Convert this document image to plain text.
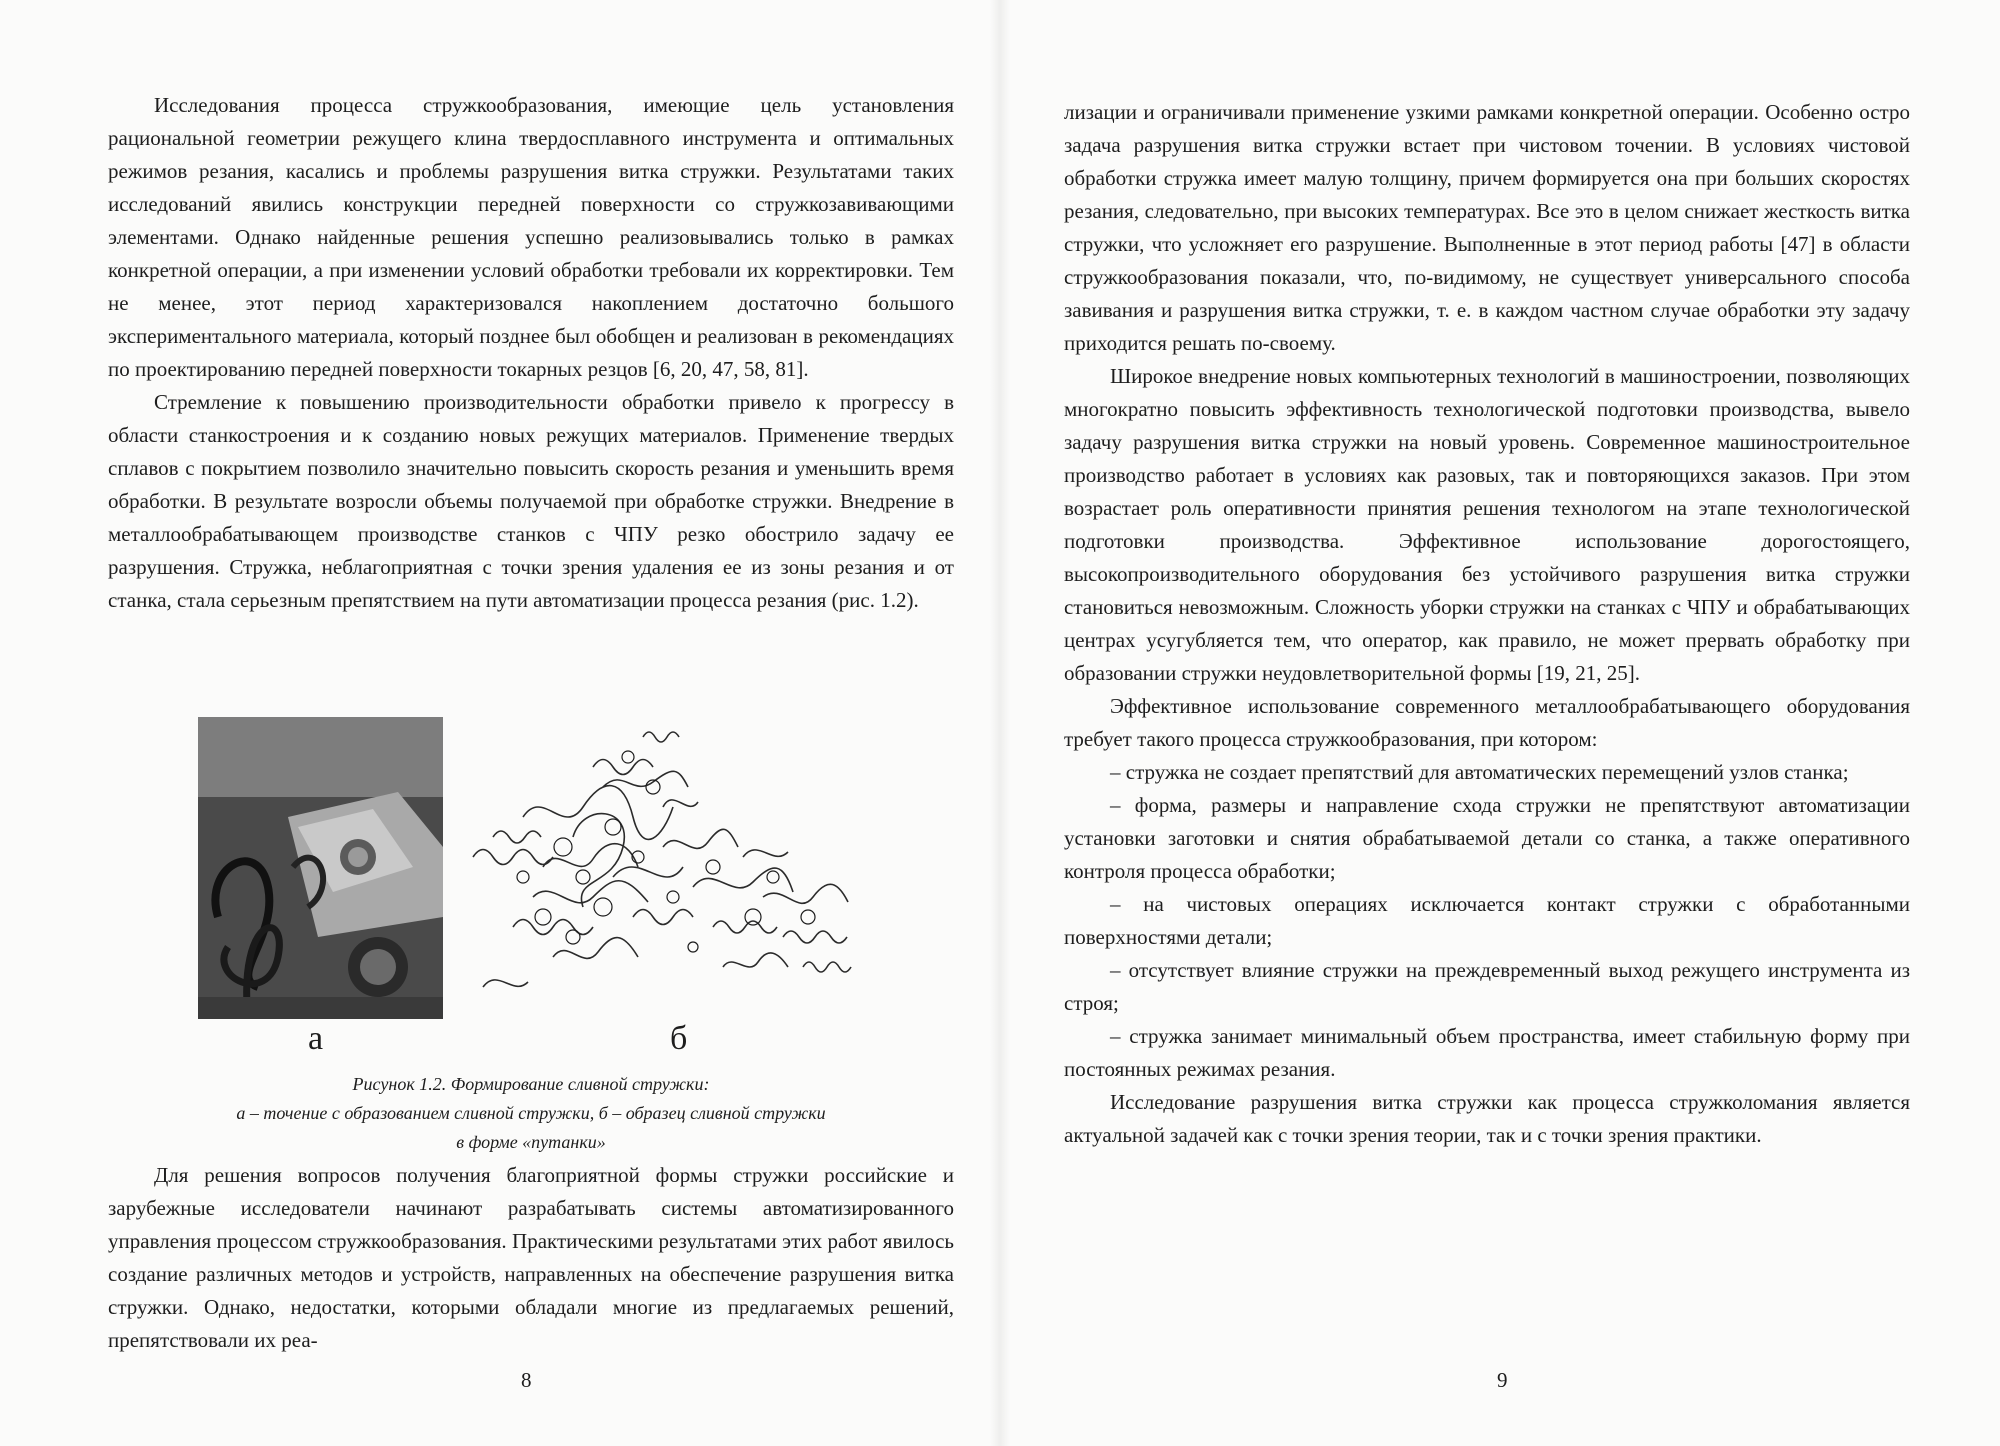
Исследования процесса стружкообразования, имеющие цель установления рациональной геометрии режущего клина твердосплавного инструмента и оптимальных режимов резания, касались и проблемы разрушения витка стружки. Результатами таких исследований явились конструкции передней поверхности со стружкозавивающими элементами. Однако найденные решения успешно реализовывались только в рамках конкретной операции, а при изменении условий обработки требовали их корректировки. Тем не менее, этот период характеризовался накоплением достаточно большого экспериментального материала, который позднее был обобщен и реализован в рекомендациях по проектированию передней поверхности токарных резцов [6, 20, 47, 58, 81].

Стремление к повышению производительности обработки привело к прогрессу в области станкостроения и к созданию новых режущих материалов. Применение твердых сплавов с покрытием позволило значительно повысить скорость резания и уменьшить время обработки. В результате возросли объемы получаемой при обработке стружки. Внедрение в металлообрабатывающем производстве станков с ЧПУ резко обострило задачу ее разрушения. Стружка, неблагоприятная с точки зрения удаления ее из зоны резания и от станка, стала серьезным препятствием на пути автоматизации процесса резания (рис. 1.2).

а	б
Рисунок 1.2. Формирование сливной стружки:
а – точение с образованием сливной стружки, б – образец сливной стружки
в форме «путанки»

Для решения вопросов получения благоприятной формы стружки российские и зарубежные исследователи начинают разрабатывать системы автоматизированного управления процессом стружкообразования. Практическими результатами этих работ явилось создание различных методов и устройств, направленных на обеспечение разрушения витка стружки. Однако, недостатки, которыми обладали многие из предлагаемых решений, препятствовали их реа-

8

лизации и ограничивали применение узкими рамками конкретной операции. Особенно остро задача разрушения витка стружки встает при чистовом точении. В условиях чистовой обработки стружка имеет малую толщину, причем формируется она при больших скоростях резания, следовательно, при высоких температурах. Все это в целом снижает жесткость витка стружки, что усложняет его разрушение. Выполненные в этот период работы [47] в области стружкообразования показали, что, по-видимому, не существует универсального способа завивания и разрушения витка стружки, т. е. в каждом частном случае обработки эту задачу приходится решать по-своему.

Широкое внедрение новых компьютерных технологий в машиностроении, позволяющих многократно повысить эффективность технологической подготовки производства, вывело задачу разрушения витка стружки на новый уровень. Современное машиностроительное производство работает в условиях как разовых, так и повторяющихся заказов. При этом возрастает роль оперативности принятия решения технологом на этапе технологической подготовки производства. Эффективное использование дорогостоящего, высокопроизводительного оборудования без устойчивого разрушения витка стружки становиться невозможным. Сложность уборки стружки на станках с ЧПУ и обрабатывающих центрах усугубляется тем, что оператор, как правило, не может прервать обработку при образовании стружки неудовлетворительной формы [19, 21, 25].

Эффективное использование современного металлообрабатывающего оборудования требует такого процесса стружкообразования, при котором:

– стружка не создает препятствий для автоматических перемещений узлов станка;

– форма, размеры и направление схода стружки не препятствуют автоматизации установки заготовки и снятия обрабатываемой детали со станка, а также оперативного контроля процесса обработки;

– на чистовых операциях исключается контакт стружки с обработанными поверхностями детали;

– отсутствует влияние стружки на преждевременный выход режущего инструмента из строя;

– стружка занимает минимальный объем пространства, имеет стабильную форму при постоянных режимах резания.

Исследование разрушения витка стружки как процесса стружколомания является актуальной задачей как с точки зрения теории, так и с точки зрения практики.

9
